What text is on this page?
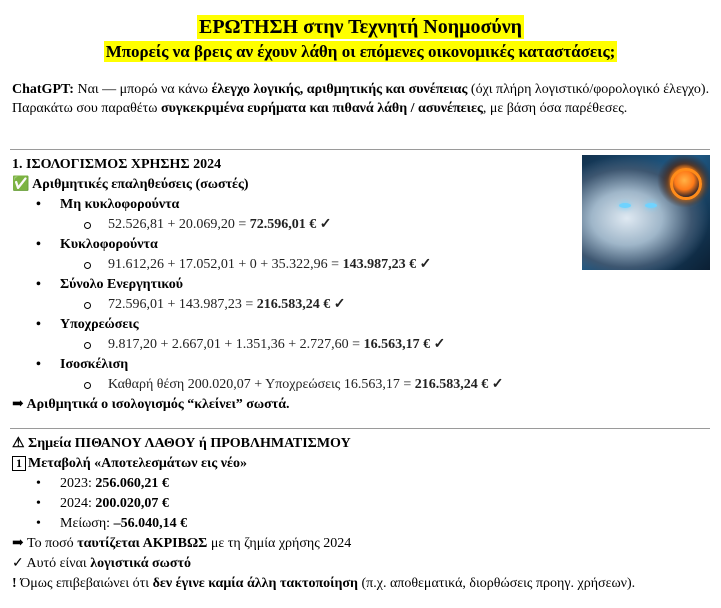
ΕΡΩΤΗΣΗ στην Τεχνητή Νοημοσύνη
Μπορείς να βρεις αν έχουν λάθη οι επόμενες οικονομικές καταστάσεις;
ChatGPT: Ναι — μπορώ να κάνω έλεγχο λογικής, αριθμητικής και συνέπειας (όχι πλήρη λογιστικό/φορολογικό έλεγχο). Παρακάτω σου παραθέτω συγκεκριμένα ευρήματα και πιθανά λάθη / ασυνέπειες, με βάση όσα παρέθεσες.
1. ΙΣΟΛΟΓΙΣΜΟΣ ΧΡΗΣΗΣ 2024
✅ Αριθμητικές επαληθεύσεις (σωστές)
• Μη κυκλοφορούντα
52.526,81 + 20.069,20 = 72.596,01 € ✓
• Κυκλοφορούντα
91.612,26 + 17.052,01 + 0 + 35.322,96 = 143.987,23 € ✓
• Σύνολο Ενεργητικού
72.596,01 + 143.987,23 = 216.583,24 € ✓
• Υποχρεώσεις
9.817,20 + 2.667,01 + 1.351,36 + 2.727,60 = 16.563,17 € ✓
• Ισοσκέλιση
Καθαρή θέση 200.020,07 + Υποχρεώσεις 16.563,17 = 216.583,24 € ✓
➡ Αριθμητικά ο ισολογισμός “κλείνει” σωστά.
⚠ Σημεία ΠΙΘΑΝΟΥ ΛΑΘΟΥ ή ΠΡΟΒΛΗΜΑΤΙΣΜΟΥ
1 Μεταβολή «Αποτελεσμάτων εις νέο»
• 2023: 256.060,21 €
• 2024: 200.020,07 €
• Μείωση: –56.040,14 €
➡ Το ποσό ταυτίζεται ΑΚΡΙΒΩΣ με τη ζημία χρήσης 2024
✓ Αυτό είναι λογιστικά σωστό
! Όμως επιβεβαιώνει ότι δεν έγινε καμία άλλη τακτοποίηση (π.χ. αποθεματικά, διορθώσεις προηγ. χρήσεων).
